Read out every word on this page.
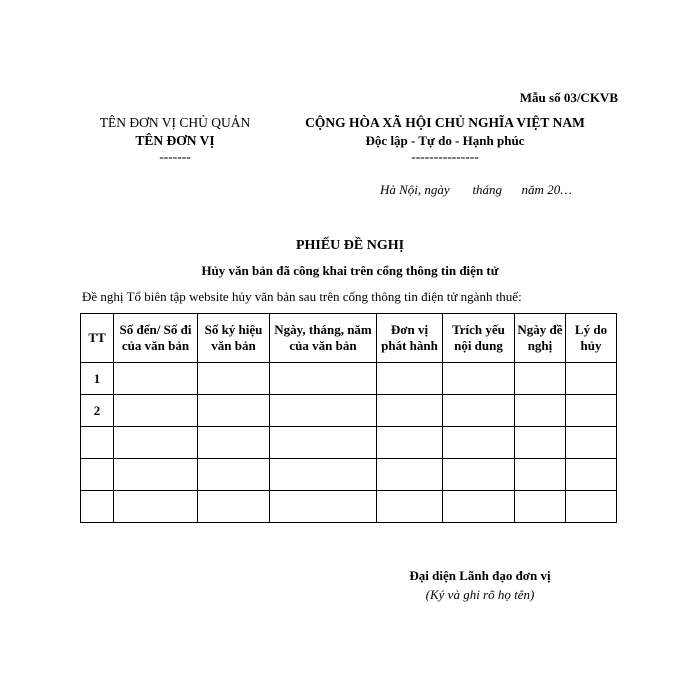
Mẫu số 03/CKVB
TÊN ĐƠN VỊ CHỦ QUẢN
TÊN ĐƠN VỊ
-------
CỘNG HÒA XÃ HỘI CHỦ NGHĨA VIỆT NAM
Độc lập - Tự do - Hạnh phúc
---------------
Hà Nội, ngày       tháng      năm 20…
PHIẾU ĐỀ NGHỊ
Hủy văn bản đã công khai trên cổng thông tin điện tử
Đề nghị Tổ biên tập website hủy văn bản sau trên cổng thông tin điện tử ngành thuế:
TT	Số đến/ Số đi của văn bản	Số ký hiệu văn bản	Ngày, tháng, năm của văn bản	Đơn vị phát hành	Trích yếu nội dung	Ngày đề nghị	Lý do hủy
1							
2							

Đại diện Lãnh đạo đơn vị
(Ký và ghi rõ họ tên)
